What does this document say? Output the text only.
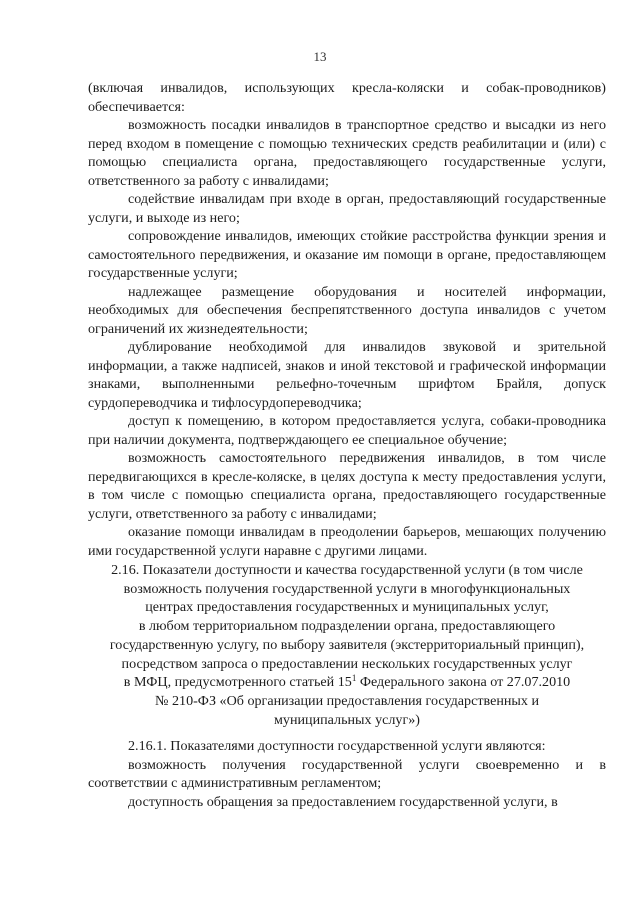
13

(включая инвалидов, использующих кресла-коляски и собак-проводников) обеспечивается:

возможность посадки инвалидов в транспортное средство и высадки из него перед входом в помещение с помощью технических средств реабилитации и (или) с помощью специалиста органа, предоставляющего государственные услуги, ответственного за работу с инвалидами;

содействие инвалидам при входе в орган, предоставляющий государственные услуги, и выходе из него;

сопровождение инвалидов, имеющих стойкие расстройства функции зрения и самостоятельного передвижения, и оказание им помощи в органе, предоставляющем государственные услуги;

надлежащее размещение оборудования и носителей информации, необходимых для обеспечения беспрепятственного доступа инвалидов с учетом ограничений их жизнедеятельности;

дублирование необходимой для инвалидов звуковой и зрительной информации, а также надписей, знаков и иной текстовой и графической информации знаками, выполненными рельефно-точечным шрифтом Брайля, допуск сурдопереводчика и тифлосурдопереводчика;

доступ к помещению, в котором предоставляется услуга, собаки-проводника при наличии документа, подтверждающего ее специальное обучение;

возможность самостоятельного передвижения инвалидов, в том числе передвигающихся в кресле-коляске, в целях доступа к месту предоставления услуги, в том числе с помощью специалиста органа, предоставляющего государственные услуги, ответственного за работу с инвалидами;

оказание помощи инвалидам в преодолении барьеров, мешающих получению ими государственной услуги наравне с другими лицами.

2.16. Показатели доступности и качества государственной услуги (в том числе
возможность получения государственной услуги в многофункциональных
центрах предоставления государственных и муниципальных услуг,
в любом территориальном подразделении органа, предоставляющего
государственную услугу, по выбору заявителя (экстерриториальный принцип),
посредством запроса о предоставлении нескольких государственных услуг
в МФЦ, предусмотренного статьей $15^1$ Федерального закона от 27.07.2010
№ 210-ФЗ «Об организации предоставления государственных и
муниципальных услуг»)

2.16.1. Показателями доступности государственной услуги являются:

возможность получения государственной услуги своевременно и в соответствии с административным регламентом;

доступность обращения за предоставлением государственной услуги, в
